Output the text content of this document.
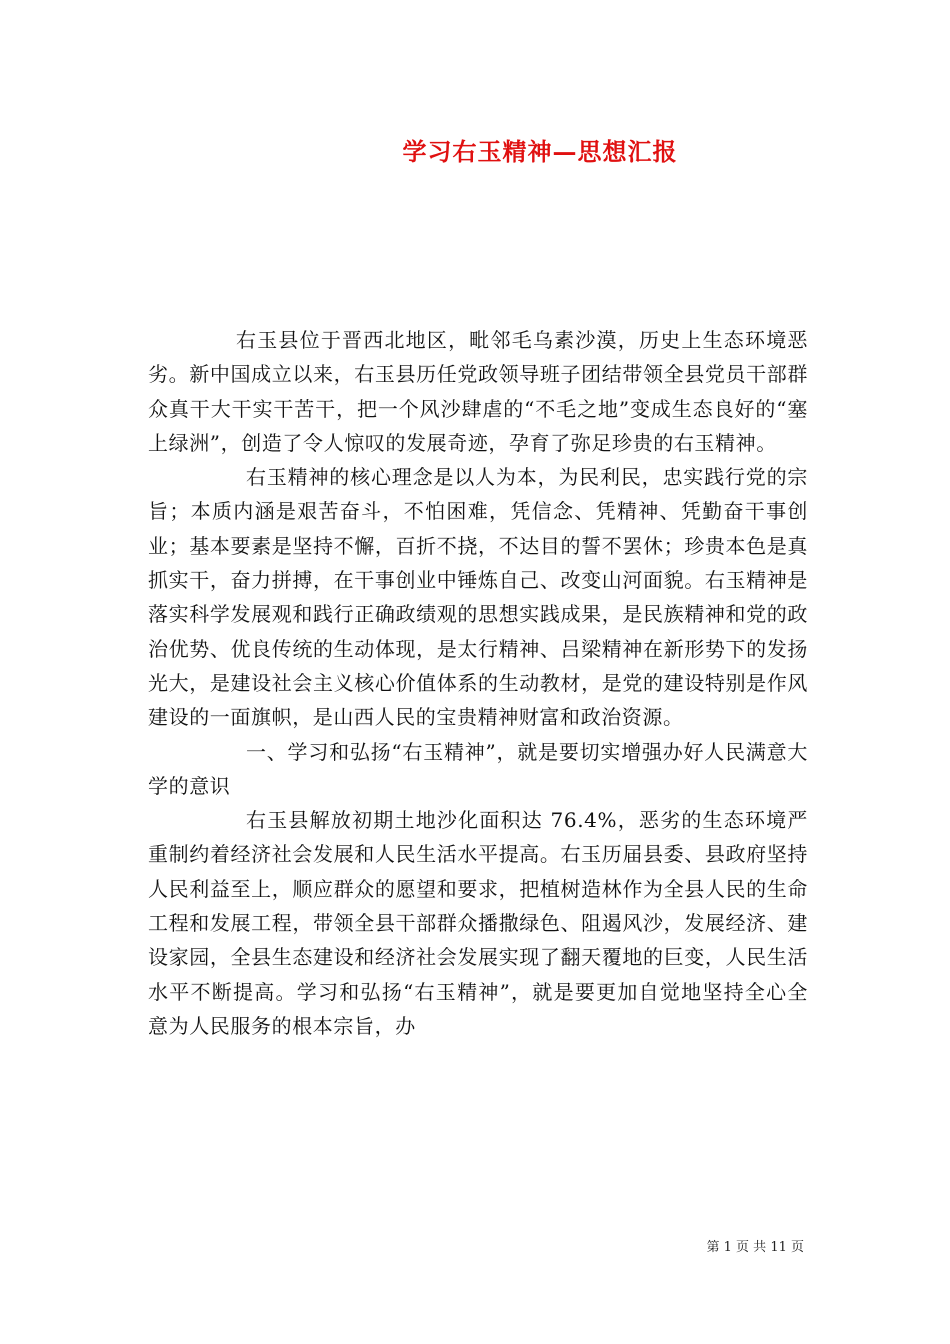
学习右玉精神—思想汇报

右玉县位于晋西北地区，毗邻毛乌素沙漠，历史上生态环境恶劣。新中国成立以来，右玉县历任党政领导班子团结带领全县党员干部群众真干大干实干苦干，把一个风沙肆虐的“不毛之地”变成生态良好的“塞上绿洲”，创造了令人惊叹的发展奇迹，孕育了弥足珍贵的右玉精神。

右玉精神的核心理念是以人为本，为民利民，忠实践行党的宗旨；本质内涵是艰苦奋斗，不怕困难，凭信念、凭精神、凭勤奋干事创业；基本要素是坚持不懈，百折不挠，不达目的誓不罢休；珍贵本色是真抓实干，奋力拼搏，在干事创业中锤炼自己、改变山河面貌。右玉精神是落实科学发展观和践行正确政绩观的思想实践成果，是民族精神和党的政治优势、优良传统的生动体现，是太行精神、吕梁精神在新形势下的发扬光大，是建设社会主义核心价值体系的生动教材，是党的建设特别是作风建设的一面旗帜，是山西人民的宝贵精神财富和政治资源。

一、学习和弘扬“右玉精神”，就是要切实增强办好人民满意大学的意识

右玉县解放初期土地沙化面积达 76.4%，恶劣的生态环境严重制约着经济社会发展和人民生活水平提高。右玉历届县委、县政府坚持人民利益至上，顺应群众的愿望和要求，把植树造林作为全县人民的生命工程和发展工程，带领全县干部群众播撒绿色、阻遏风沙，发展经济、建设家园，全县生态建设和经济社会发展实现了翻天覆地的巨变，人民生活水平不断提高。学习和弘扬“右玉精神”，就是要更加自觉地坚持全心全意为人民服务的根本宗旨，办

第 1 页 共 11 页
